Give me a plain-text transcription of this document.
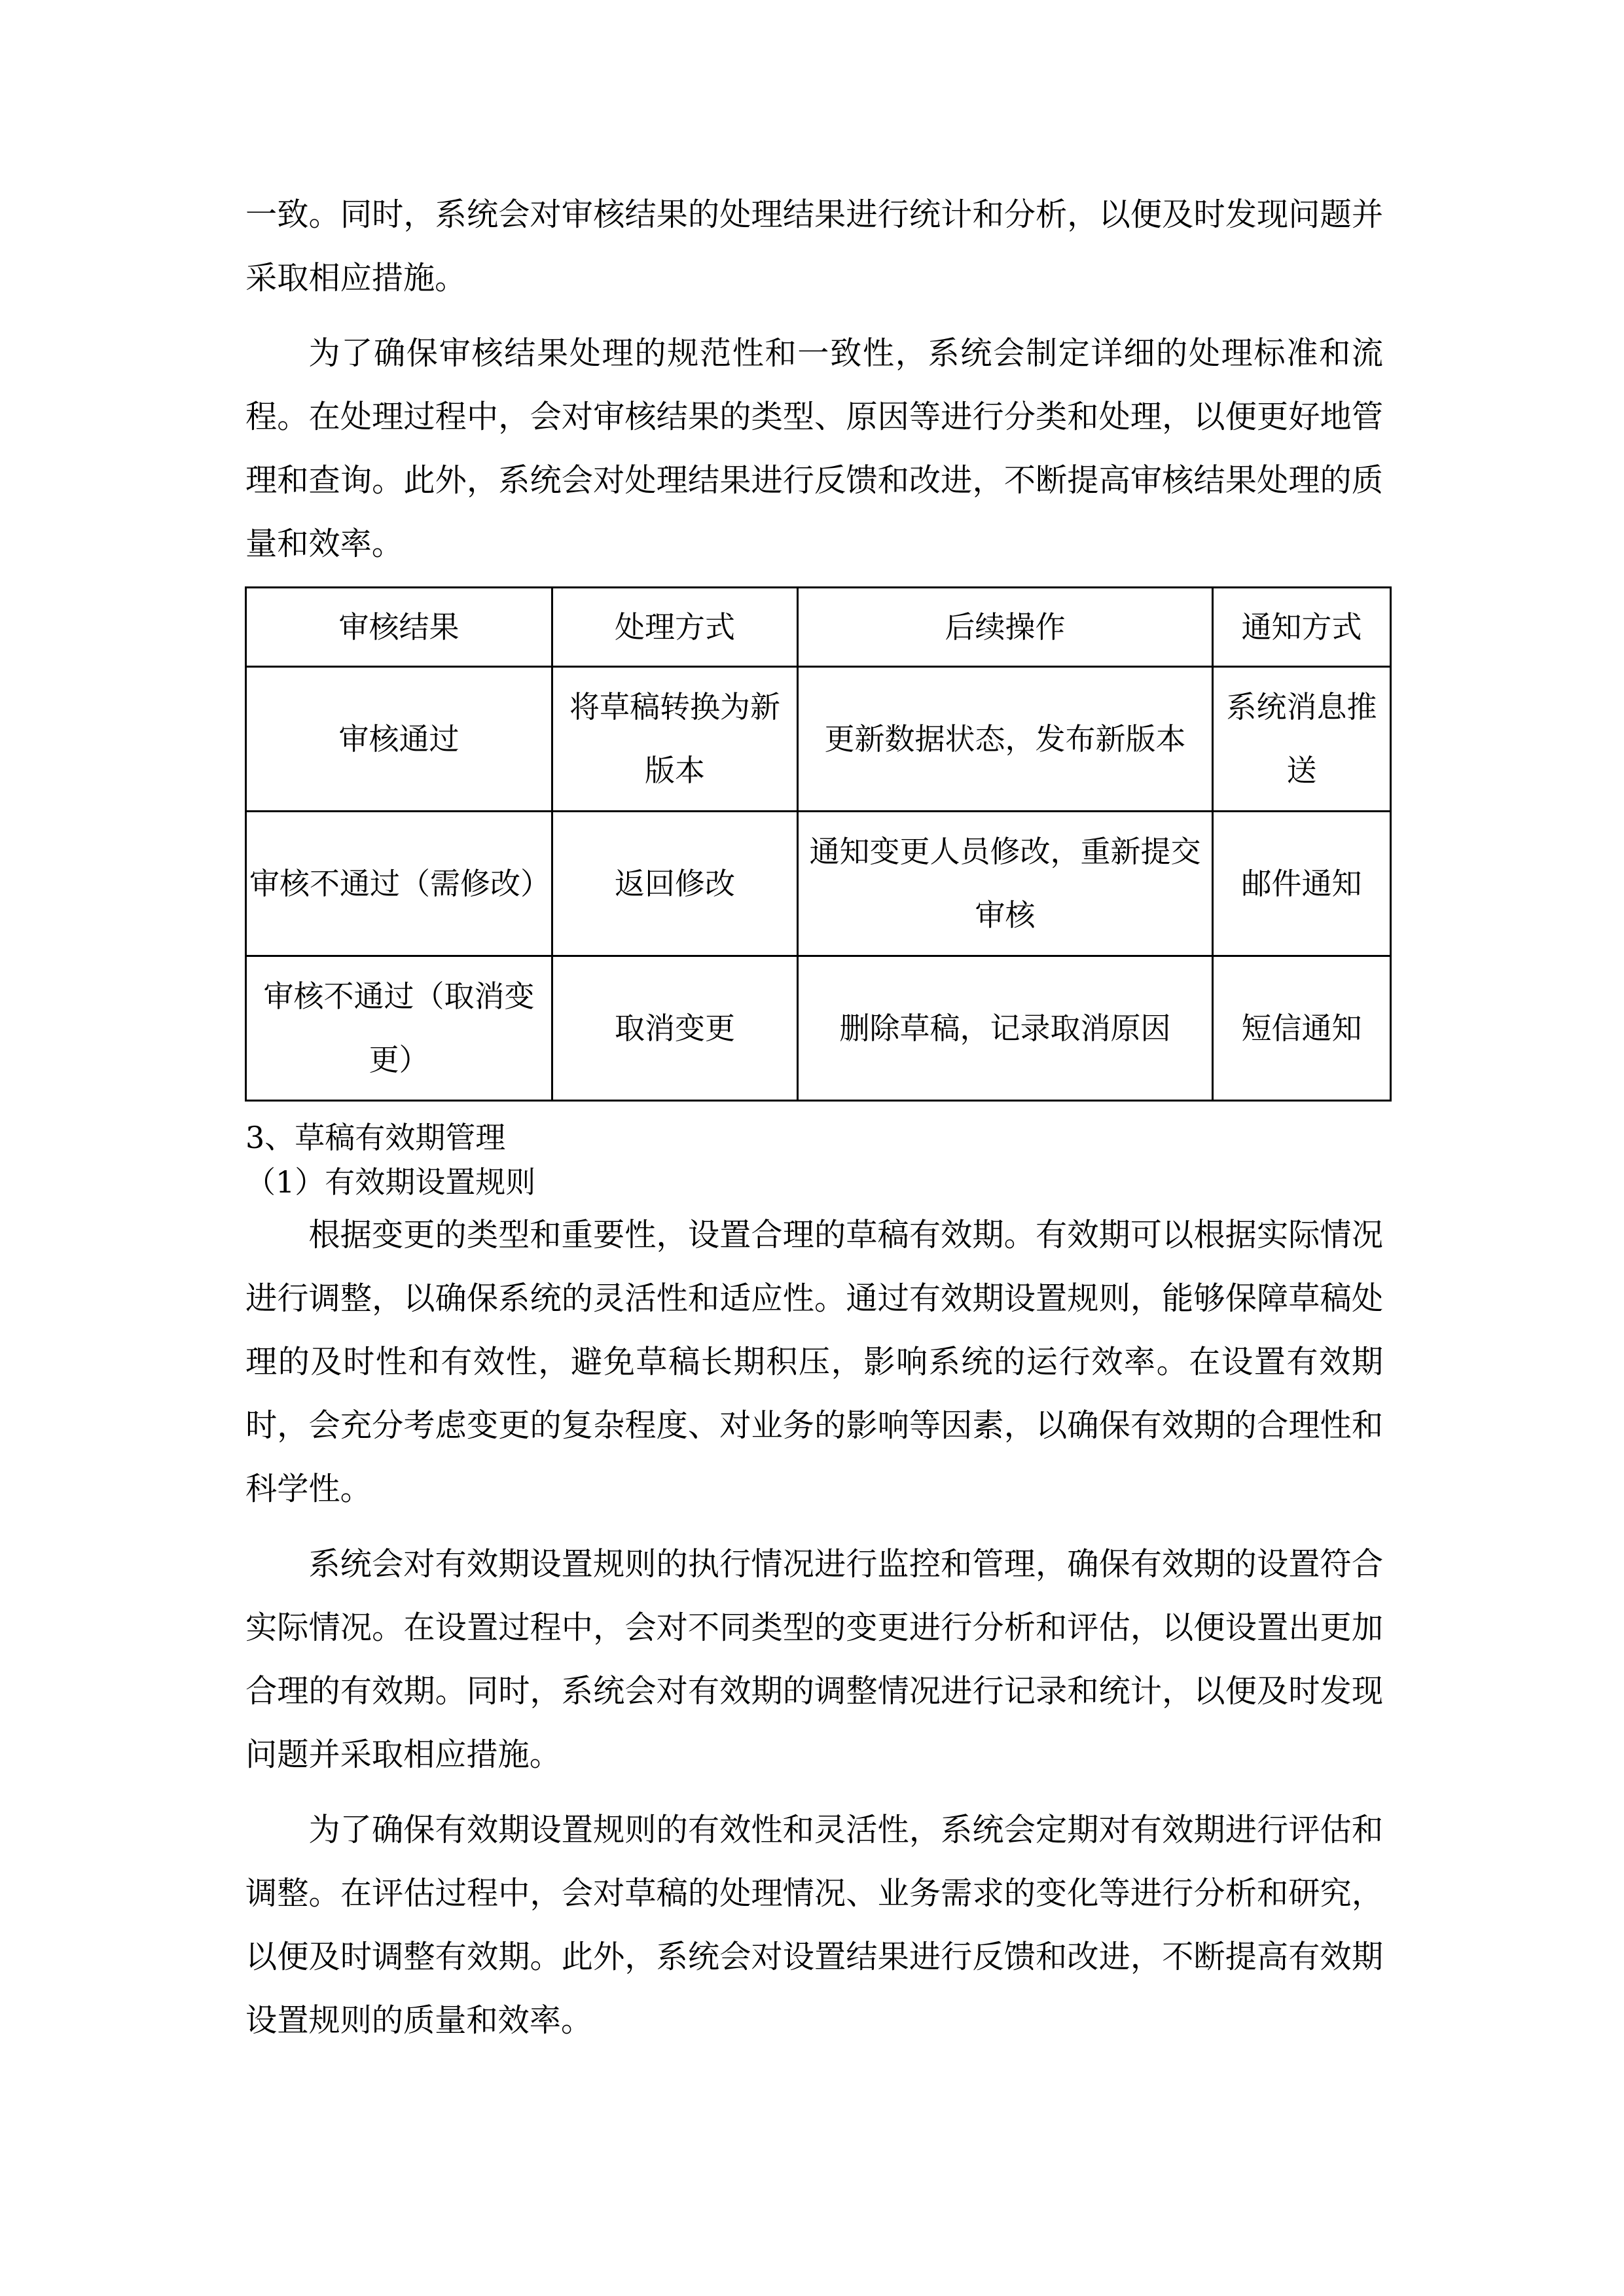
一致。同时，系统会对审核结果的处理结果进行统计和分析，以便及时发现问题并采取相应措施。

为了确保审核结果处理的规范性和一致性，系统会制定详细的处理标准和流程。在处理过程中，会对审核结果的类型、原因等进行分类和处理，以便更好地管理和查询。此外，系统会对处理结果进行反馈和改进，不断提高审核结果处理的质量和效率。

审核结果	处理方式	后续操作	通知方式
审核通过	将草稿转换为新版本	更新数据状态，发布新版本	系统消息推送
审核不通过（需修改）	返回修改	通知变更人员修改，重新提交审核	邮件通知
审核不通过（取消变更）	取消变更	删除草稿，记录取消原因	短信通知

3、草稿有效期管理

（1）有效期设置规则

根据变更的类型和重要性，设置合理的草稿有效期。有效期可以根据实际情况进行调整，以确保系统的灵活性和适应性。通过有效期设置规则，能够保障草稿处理的及时性和有效性，避免草稿长期积压，影响系统的运行效率。在设置有效期时，会充分考虑变更的复杂程度、对业务的影响等因素，以确保有效期的合理性和科学性。

系统会对有效期设置规则的执行情况进行监控和管理，确保有效期的设置符合实际情况。在设置过程中，会对不同类型的变更进行分析和评估，以便设置出更加合理的有效期。同时，系统会对有效期的调整情况进行记录和统计，以便及时发现问题并采取相应措施。

为了确保有效期设置规则的有效性和灵活性，系统会定期对有效期进行评估和调整。在评估过程中，会对草稿的处理情况、业务需求的变化等进行分析和研究，以便及时调整有效期。此外，系统会对设置结果进行反馈和改进，不断提高有效期设置规则的质量和效率。
